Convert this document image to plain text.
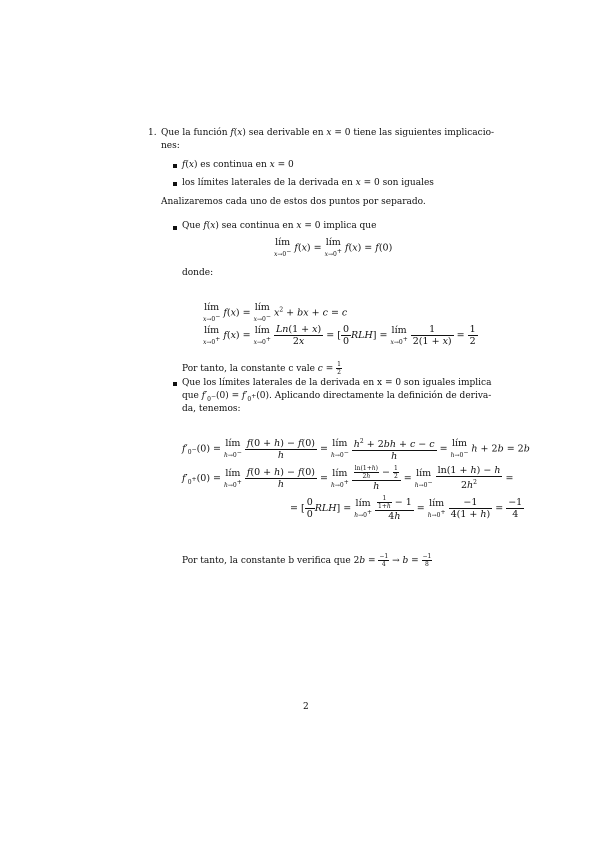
1. Que la función f(x) sea derivable en x = 0 tiene las siguientes implicacio-
nes:
f(x) es continua en x = 0
los límites laterales de la derivada en x = 0 son iguales
Analizaremos cada uno de estos dos puntos por separado.
Que f(x) sea continua en x = 0 implica que
lím
x→0− f(x) = lím
x→0+ f(x) = f(0)
donde:
lím
x→0− f(x) = lím
x→0− $x^2$ + bx + c = c
lím
x→0+ f(x) = lím
x→0+
$\frac{Ln(1 + x)}{2x}$ = [ $\frac{0}{0} RLH$] = lím
x→0+
$\frac{1}{2(1 + x)} = \frac{1}{2}$
Por tanto, la constante c vale $c = \frac{1}{2}$
Que los límites laterales de la derivada en x = 0 son iguales implica
que $f'_{0^-}(0) = f'_{0^+}(0)$. Aplicando directamente la definición de deriva-
da, tenemos:
$f'_{0^-}(0)$ = lím
h→0−
$\frac{f(0 + h) - f(0)}{h}$ = lím
h→0−
$\frac{h^2 + 2bh + c - c}{h}$ = lím
h→0− h + 2b = 2b
$f'_{0^+}(0)$ = lím
h→0+
$\frac{f(0 + h) - f(0)}{h}$ = lím
h→0+
$\frac{\frac{\ln(1+h)}{2h} - \frac{1}{2}}{h}$ = lím
h→0−
$\frac{\ln(1 + h) - h}{2h^2}$ =
= [ $\frac{0}{0} RLH$] = lím
h→0+
$\frac{\frac{1}{1+h} - 1}{4h}$ = lím
h→0+
$\frac{-1}{4(1 + h)} = \frac{-1}{4}$
Por tanto, la constante b verifica que $2b = \frac{-1}{4} \to b = \frac{-1}{8}$
2
